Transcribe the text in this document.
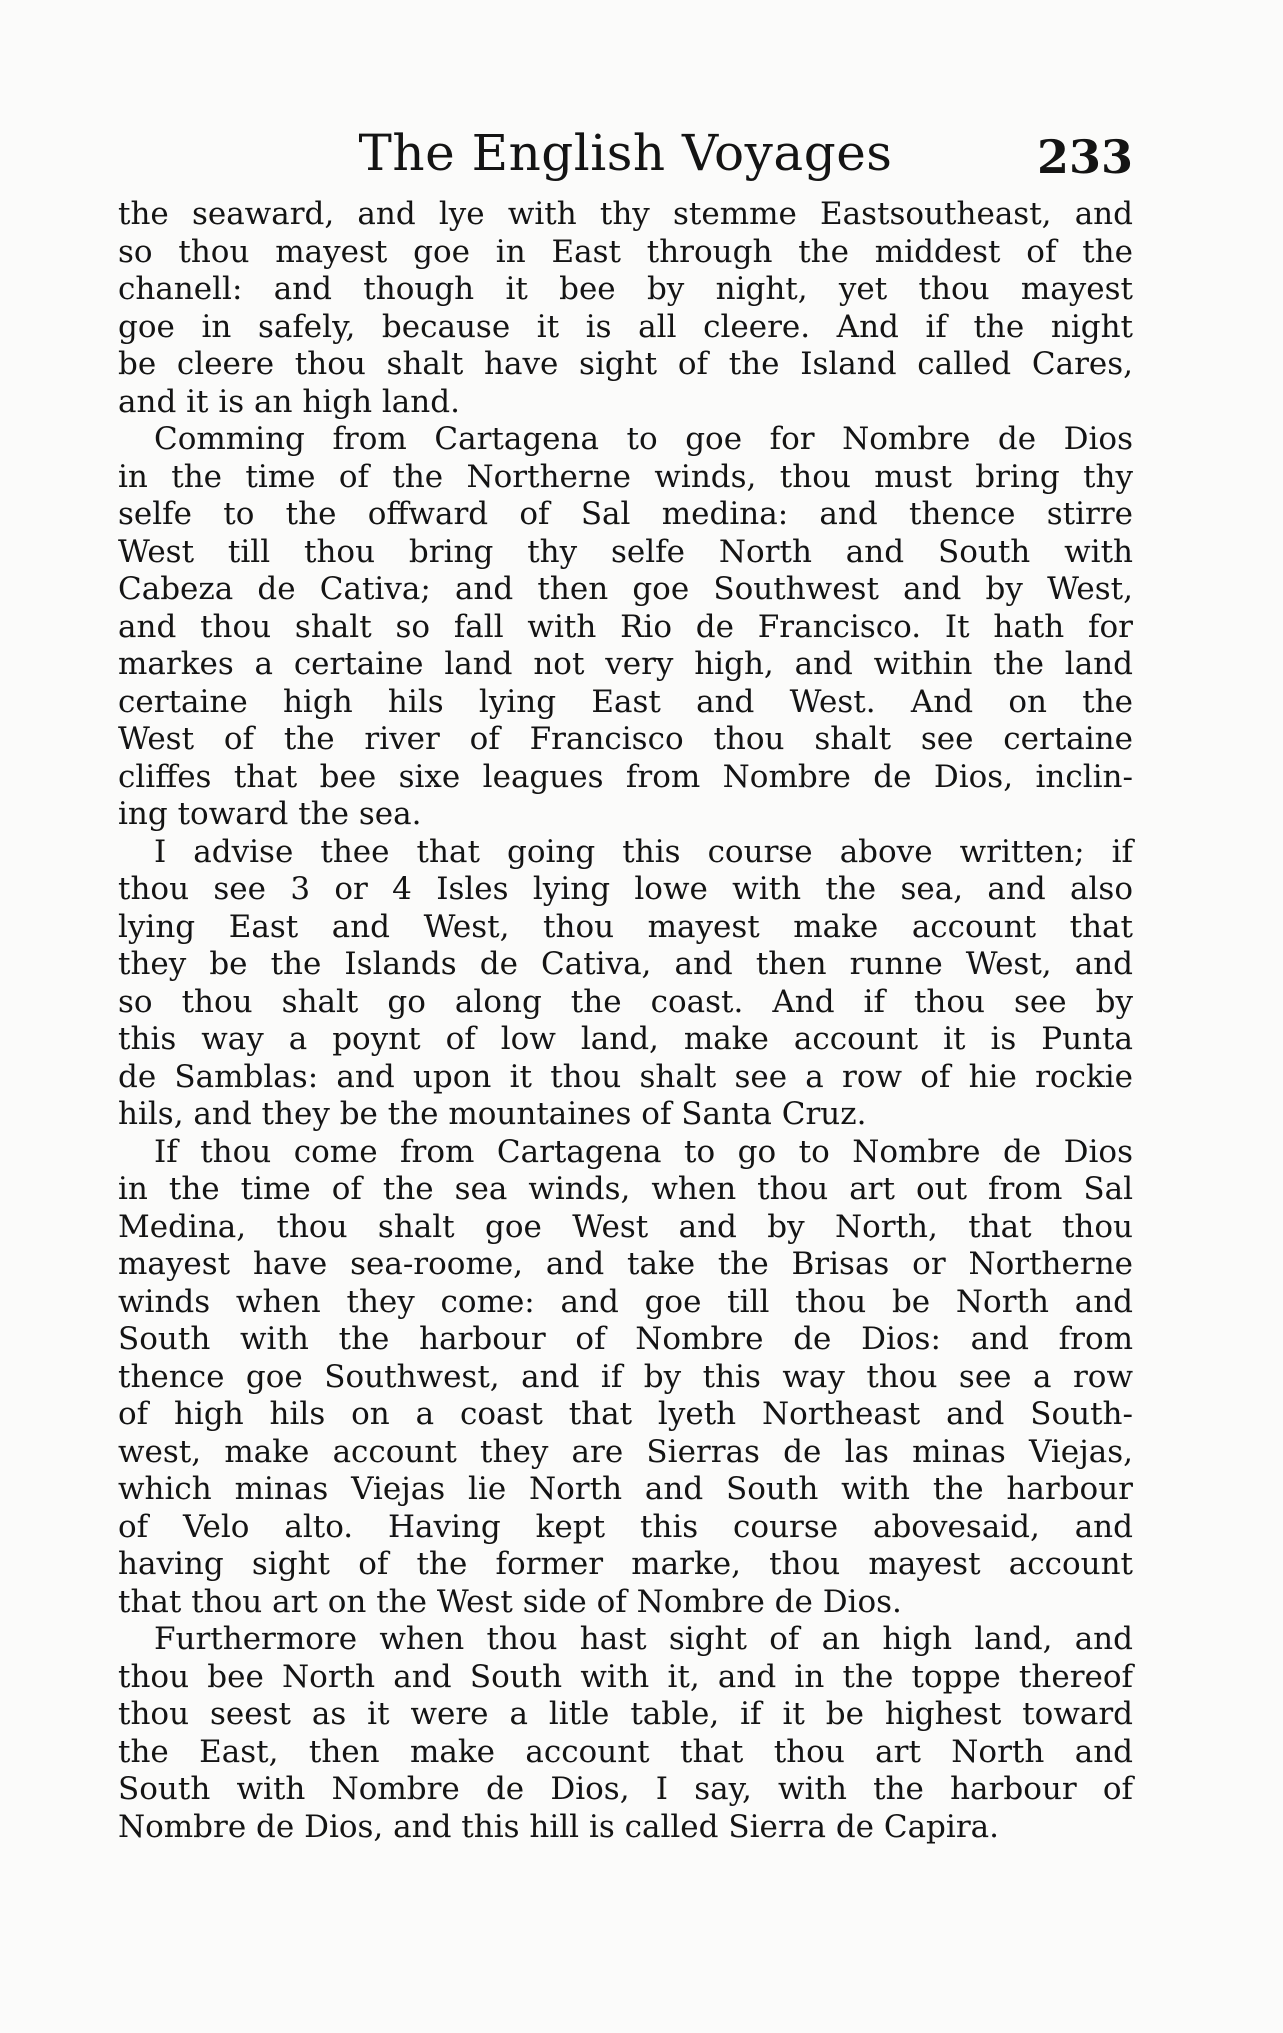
The English Voyages	233
the seaward, and lye with thy stemme Eastsoutheast, and
so thou mayest goe in East through the middest of the
chanell: and though it bee by night, yet thou mayest
goe in safely, because it is all cleere. And if the night
be cleere thou shalt have sight of the Island called Cares,
and it is an high land.
Comming from Cartagena to goe for Nombre de Dios
in the time of the Northerne winds, thou must bring thy
selfe to the offward of Sal medina: and thence stirre
West till thou bring thy selfe North and South with
Cabeza de Cativa; and then goe Southwest and by West,
and thou shalt so fall with Rio de Francisco. It hath for
markes a certaine land not very high, and within the land
certaine high hils lying East and West. And on the
West of the river of Francisco thou shalt see certaine
cliffes that bee sixe leagues from Nombre de Dios, inclin-
ing toward the sea.
I advise thee that going this course above written; if
thou see 3 or 4 Isles lying lowe with the sea, and also
lying East and West, thou mayest make account that
they be the Islands de Cativa, and then runne West, and
so thou shalt go along the coast. And if thou see by
this way a poynt of low land, make account it is Punta
de Samblas: and upon it thou shalt see a row of hie rockie
hils, and they be the mountaines of Santa Cruz.
If thou come from Cartagena to go to Nombre de Dios
in the time of the sea winds, when thou art out from Sal
Medina, thou shalt goe West and by North, that thou
mayest have sea-roome, and take the Brisas or Northerne
winds when they come: and goe till thou be North and
South with the harbour of Nombre de Dios: and from
thence goe Southwest, and if by this way thou see a row
of high hils on a coast that lyeth Northeast and South-
west, make account they are Sierras de las minas Viejas,
which minas Viejas lie North and South with the harbour
of Velo alto. Having kept this course abovesaid, and
having sight of the former marke, thou mayest account
that thou art on the West side of Nombre de Dios.
Furthermore when thou hast sight of an high land, and
thou bee North and South with it, and in the toppe thereof
thou seest as it were a litle table, if it be highest toward
the East, then make account that thou art North and
South with Nombre de Dios, I say, with the harbour of
Nombre de Dios, and this hill is called Sierra de Capira.
